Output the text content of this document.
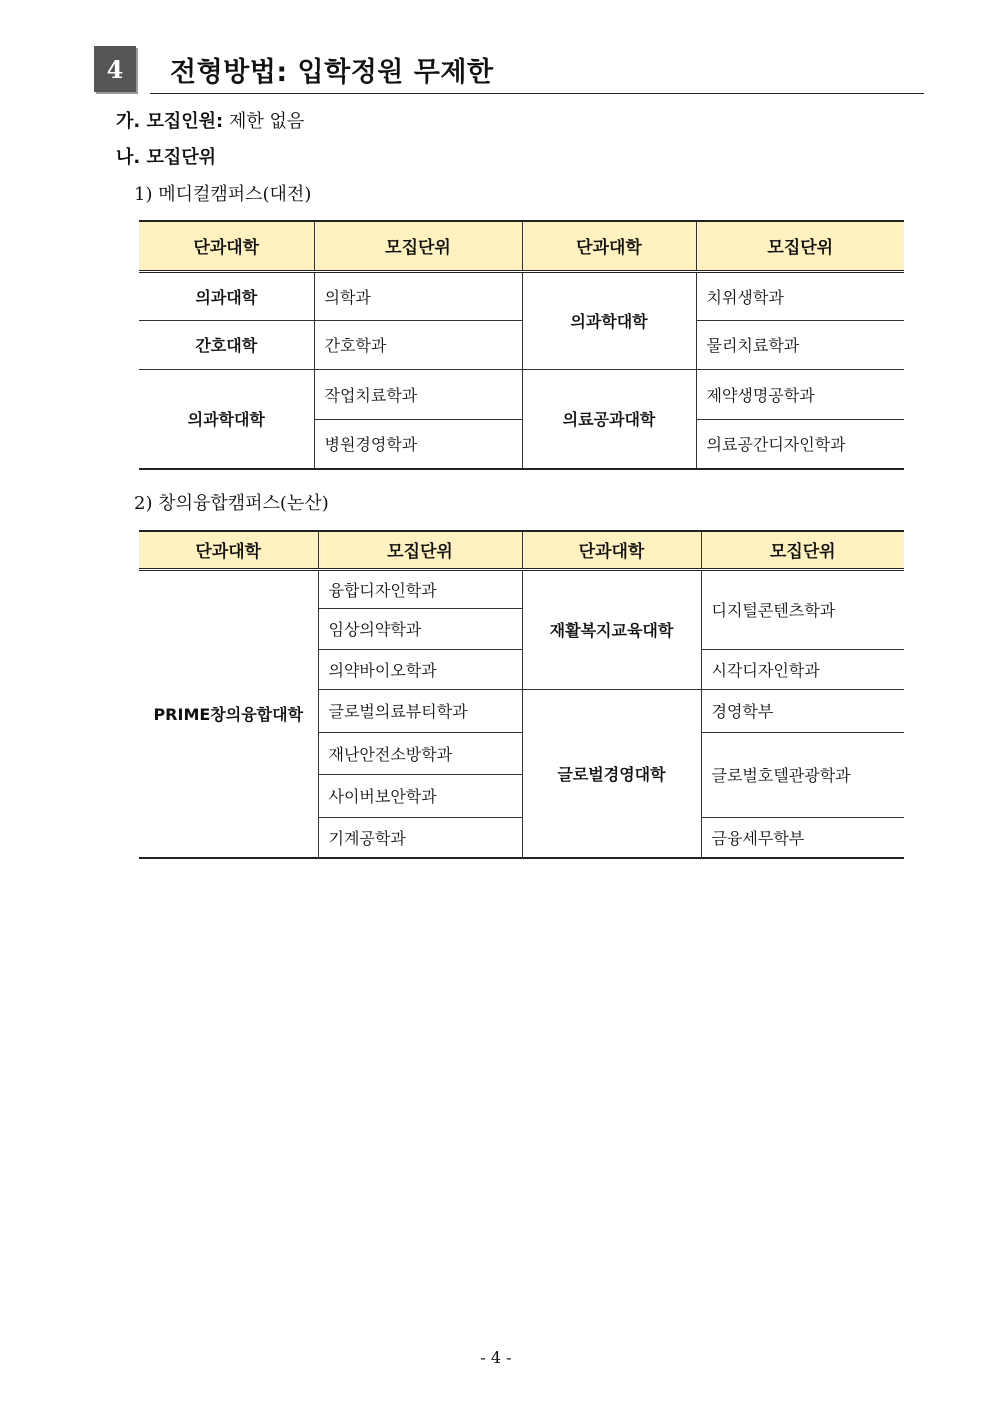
4	전형방법: 입학정원 무제한
가. 모집인원: 제한 없음
나. 모집단위
1) 메디컬캠퍼스(대전)
단과대학	모집단위	단과대학	모집단위
의과대학	의학과	의과학대학	치위생학과
간호대학	간호학과		물리치료학과
의과학대학	작업치료학과	의료공과대학	제약생명공학과
	병원경영학과		의료공간디자인학과
2) 창의융합캠퍼스(논산)
단과대학	모집단위	단과대학	모집단위
PRIME창의융합대학	융합디자인학과	재활복지교육대학	디지털콘텐츠학과
	임상의약학과		
	의약바이오학과		시각디자인학과
	글로벌의료뷰티학과	글로벌경영대학	경영학부
	재난안전소방학과		글로벌호텔관광학과
	사이버보안학과		
	기계공학과		금융세무학부
- 4 -
